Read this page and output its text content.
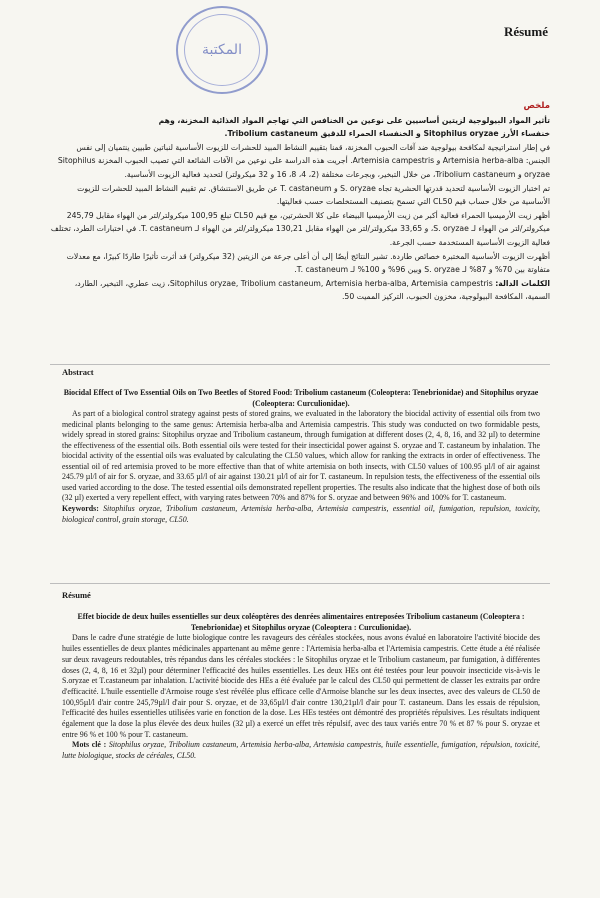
المكتبة
Résumé

ملخص

تأثير المواد البيولوجية لزيتين أساسيين على نوعين من الخنافس التي تهاجم المواد الغذائية المخزنة، وهم

خنفساء الأرز Sitophilus oryzae و الخنفساء الحمراء للدقيق Tribolium castaneum.

في إطار استراتيجية لمكافحة بيولوجية ضد آفات الحبوب المخزنة، قمنا بتقييم النشاط المبيد للحشرات للزيوت الأساسية لنباتين طبيين ينتميان إلى نفس الجنس: Artemisia herba-alba و Artemisia campestris. أجريت هذه الدراسة على نوعين من الآفات الشائعة التي تصيب الحبوب المخزنة Sitophilus oryzae و Tribolium castaneum، من خلال التبخير، وبجرعات مختلفة (2، 4، 8، 16 و 32 ميكرولتر) لتحديد فعالية الزيوت الأساسية.

تم اختبار الزيوت الأساسية لتحديد قدرتها الحشرية تجاه S. oryzae و T. castaneum عن طريق الاستنشاق. تم تقييم النشاط المبيد للحشرات للزيوت الأساسية من خلال حساب قيم CL50 التي تسمح بتصنيف المستخلصات حسب فعاليتها.

أظهر زيت الأرميسيا الحمراء فعالية أكبر من زيت الأرميسيا البيضاء على كلا الحشرتين، مع قيم CL50 تبلغ 100,95 ميكرولتر/لتر من الهواء مقابل 245,79 ميكرولتر/لتر من الهواء لـ S. oryzae، و 33,65 ميكرولتر/لتر من الهواء مقابل 130,21 ميكرولتر/لتر من الهواء لـ T. castaneum. في اختبارات الطرد، تختلف فعالية الزيوت الأساسية المستخدمة حسب الجرعة.

أظهرت الزيوت الأساسية المختبرة خصائص طاردة. تشير النتائج أيضًا إلى أن أعلى جرعة من الزيتين (32 ميكرولتر) قد أثرت تأثيرًا طاردًا كبيرًا، مع معدلات متفاوتة بين 70% و 87% لـ S. oryzae وبين 96% و 100% لـ T. castaneum.

الكلمات الدالة: Sitophilus oryzae, Tribolium castaneum, Artemisia herba-alba, Artemisia campestris، زيت عطري، التبخير، الطارد، السمية، المكافحة البيولوجية، مخزون الحبوب، التركيز المميت 50.

Abstract

Biocidal Effect of Two Essential Oils on Two Beetles of Stored Food: Tribolium castaneum (Coleoptera: Tenebrionidae) and Sitophilus oryzae (Coleoptera: Curculionidae).

As part of a biological control strategy against pests of stored grains, we evaluated in the laboratory the biocidal activity of essential oils from two medicinal plants belonging to the same genus: Artemisia herba-alba and Artemisia campestris. This study was conducted on two formidable pests, widely spread in stored grains: Sitophilus oryzae and Tribolium castaneum, through fumigation at different doses (2, 4, 8, 16, and 32 µl) to determine the effectiveness of the essential oils. Both essential oils were tested for their insecticidal power against S. oryzae and T. castaneum by inhalation. The biocidal activity of the essential oils was evaluated by calculating the CL50 values, which allow for ranking the extracts in order of effectiveness. The essential oil of red artemisia proved to be more effective than that of white artemisia on both insects, with CL50 values of 100.95 µl/l of air against 245.79 µl/l of air for S. oryzae, and 33.65 µl/l of air against 130.21 µl/l of air for T. castaneum. In repulsion tests, the effectiveness of the essential oils used varied according to the dose. The tested essential oils demonstrated repellent properties. The results also indicate that the highest dose of both oils (32 µl) exerted a very repellent effect, with varying rates between 70% and 87% for S. oryzae and between 96% and 100% for T. castaneum.

Keywords: Sitophilus oryzae, Tribolium castaneum, Artemisia herba-alba, Artemisia campestris, essential oil, fumigation, repulsion, toxicity, biological control, grain storage, CL50.

Résumé

Effet biocide de deux huiles essentielles sur deux coléoptères des denrées alimentaires entreposées Tribolium castaneum (Coleoptera : Tenebrionidae) et Sitophilus oryzae (Coleoptera : Curculionidae).

Dans le cadre d'une stratégie de lutte biologique contre les ravageurs des céréales stockées, nous avons évalué en laboratoire l'activité biocide des huiles essentielles de deux plantes médicinales appartenant au même genre : l'Artemisia herba-alba et l'Artemisia campestris. Cette étude a été réalisée sur deux ravageurs redoutables, très répandus dans les céréales stockées : le Sitophilus oryzae et le Tribolium castaneum, par fumigation, à différentes doses (2, 4, 8, 16 et 32µl) pour déterminer l'efficacité des huiles essentielles. Les deux HEs ont été testées pour leur pouvoir insecticide vis-à-vis le S.oryzae et T.castaneum par inhalation. L'activité biocide des HEs a été évaluée par le calcul des CL50 qui permettent de classer les extraits par ordre d'efficacité. L'huile essentielle d'Armoise rouge s'est révélée plus efficace celle d'Armoise blanche sur les deux insectes, avec des valeurs de CL50 de 100,95µl/l d'air contre 245,79µl/l d'air pour S. oryzae, et de 33,65µl/l d'air contre 130,21µl/l d'air pour T. castaneum. Dans les essais de répulsion, l'efficacité des huiles essentielles utilisées varie en fonction de la dose. Les HEs testées ont démontré des propriétés répulsives. Les résultats indiquent également que la dose la plus élevée des deux huiles (32 µl) a exercé un effet très répulsif, avec des taux variés entre 70 % et 87 % pour S. oryzae et entre 96 % et 100 % pour T. castaneum.

Mots clé : Sitophilus oryzae, Tribolium castaneum, Artemisia herba-alba, Artemisia campestris, huile essentielle, fumigation, répulsion, toxicité, lutte biologique, stocks de céréales, CL50.
